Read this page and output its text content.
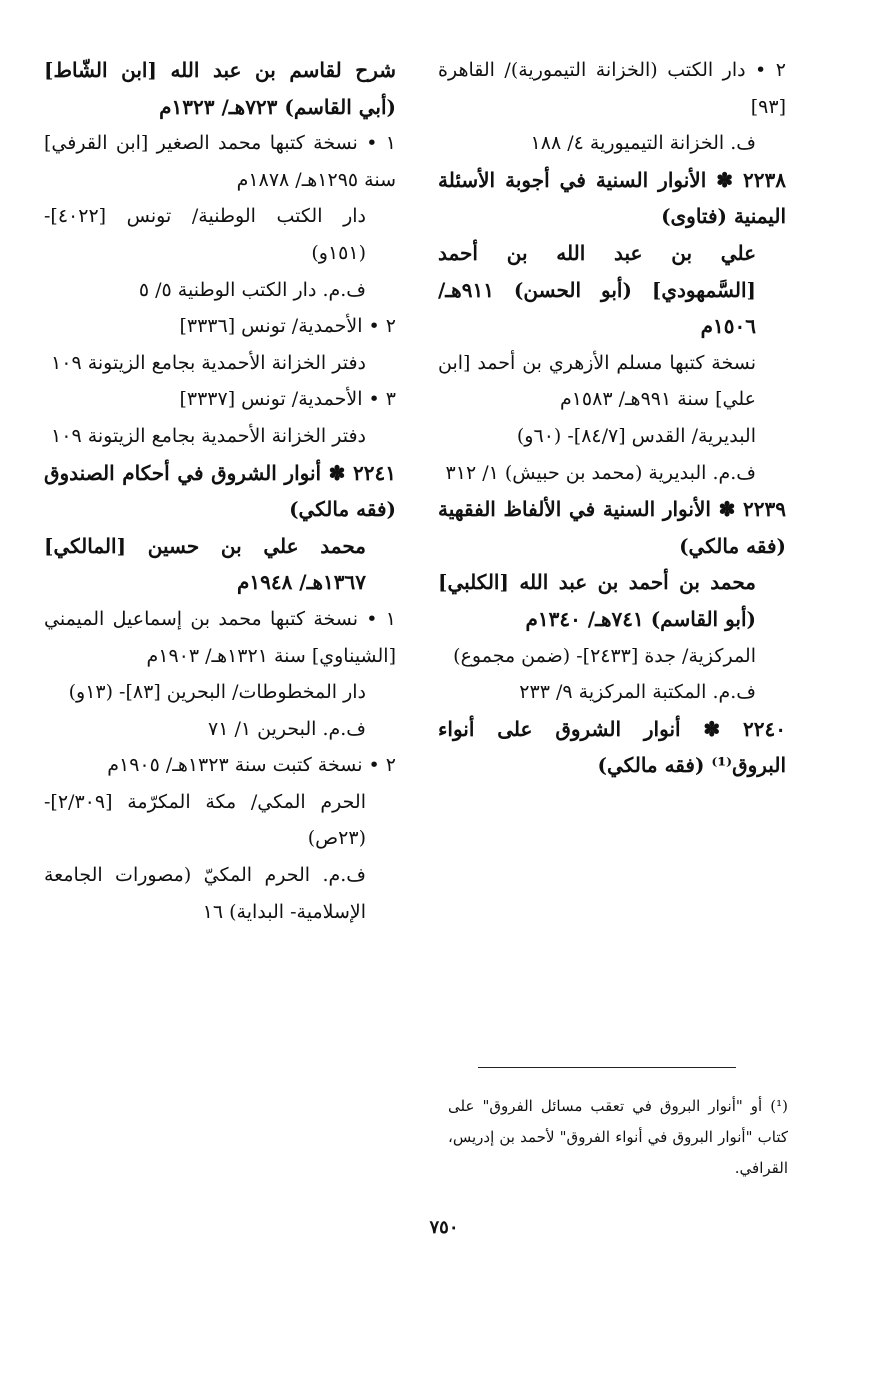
٢ • دار الكتب (الخزانة التيمورية)/ القاهرة [٩٣]

ف. الخزانة التيميورية ٤/ ١٨٨

٢٢٣٨ ✽ الأنوار السنية في أجوبة الأسئلة اليمنية (فتاوى)

علي بن عبد الله بن أحمد [السَّمهودي] (أبو الحسن) ٩١١هـ/ ١٥٠٦م

نسخة كتبها مسلم الأزهري بن أحمد [ابن علي] سنة ٩٩١هـ/ ١٥٨٣م

البديرية/ القدس [٨٤/٧]- (٦٠و)

ف.م. البديرية (محمد بن حبيش) ١/ ٣١٢

٢٢٣٩ ✽ الأنوار السنية في الألفاظ الفقهية (فقه مالكي)

محمد بن أحمد بن عبد الله [الكلبي] (أبو القاسم) ٧٤١هـ/ ١٣٤٠م

المركزية/ جدة [٢٤٣٣]- (ضمن مجموع)

ف.م. المكتبة المركزية ٩/ ٢٣٣

٢٢٤٠ ✽ أنوار الشروق على أنواء البروق⁽¹⁾ (فقه مالكي)

شرح لقاسم بن عبد الله [ابن الشّاط] (أبي القاسم) ٧٢٣هـ/ ١٣٢٣م

١ • نسخة كتبها محمد الصغير [ابن القرفي] سنة ١٢٩٥هـ/ ١٨٧٨م

دار الكتب الوطنية/ تونس [٤٠٢٢]- (١٥١و)

ف.م. دار الكتب الوطنية ٥/ ٥

٢ • الأحمدية/ تونس [٣٣٣٦]

دفتر الخزانة الأحمدية بجامع الزيتونة ١٠٩

٣ • الأحمدية/ تونس [٣٣٣٧]

دفتر الخزانة الأحمدية بجامع الزيتونة ١٠٩

٢٢٤١ ✽ أنوار الشروق في أحكام الصندوق (فقه مالكي)

محمد علي بن حسين [المالكي] ١٣٦٧هـ/ ١٩٤٨م

١ • نسخة كتبها محمد بن إسماعيل الميمني [الشيناوي] سنة ١٣٢١هـ/ ١٩٠٣م

دار المخطوطات/ البحرين [٨٣]- (١٣و)

ف.م. البحرين ١/ ٧١

٢ • نسخة كتبت سنة ١٣٢٣هـ/ ١٩٠٥م

الحرم المكي/ مكة المكرّمة [٢/٣٠٩]- (٢٣ص)

ف.م. الحرم المكيّ (مصورات الجامعة الإسلامية- البداية) ١٦

(¹) أو "أنوار البروق في تعقب مسائل الفروق" على كتاب "أنوار البروق في أنواء الفروق" لأحمد بن إدريس، القرافي.

٧٥٠
